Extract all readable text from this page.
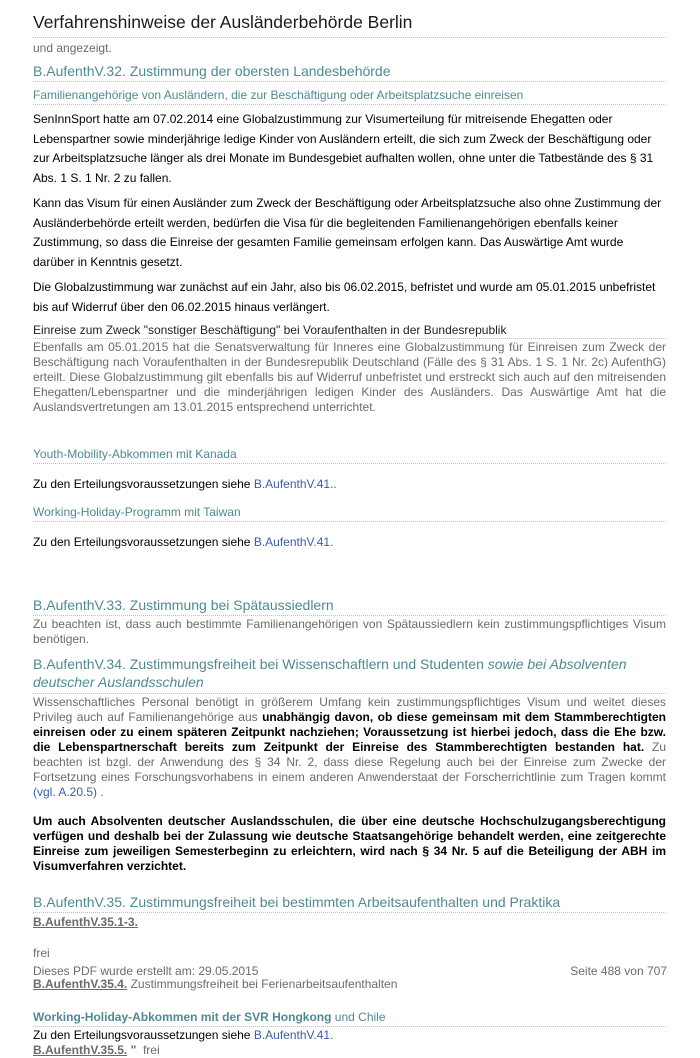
Verfahrenshinweise der Ausländerbehörde Berlin
und angezeigt.
B.AufenthV.32. Zustimmung der obersten Landesbehörde
Familienangehörige von Ausländern, die zur Beschäftigung oder Arbeitsplatzsuche einreisen

SenInnSport hatte am 07.02.2014 eine Globalzustimmung zur Visumerteilung für mitreisende Ehegatten oder Lebenspartner sowie minderjährige ledige Kinder von Ausländern erteilt, die sich zum Zweck der Beschäftigung oder zur Arbeitsplatzsuche länger als drei Monate im Bundesgebiet aufhalten wollen, ohne unter die Tatbestände des § 31 Abs. 1 S. 1 Nr. 2 zu fallen.

Kann das Visum für einen Ausländer zum Zweck der Beschäftigung oder Arbeitsplatzsuche also ohne Zustimmung der Ausländerbehörde erteilt werden, bedürfen die Visa für die begleitenden Familienangehörigen ebenfalls keiner Zustimmung, so dass die Einreise der gesamten Familie gemeinsam erfolgen kann. Das Auswärtige Amt wurde darüber in Kenntnis gesetzt.

Die Globalzustimmung war zunächst auf ein Jahr, also bis 06.02.2015, befristet und wurde am 05.01.2015 unbefristet bis auf Widerruf über den 06.02.2015 hinaus verlängert.

Einreise zum Zweck "sonstiger Beschäftigung" bei Voraufenthalten in der Bundesrepublik

Ebenfalls am 05.01.2015 hat die Senatsverwaltung für Inneres eine Globalzustimmung für Einreisen zum Zweck der Beschäftigung nach Voraufenthalten in der Bundesrepublik Deutschland (Fälle des § 31 Abs. 1 S. 1 Nr. 2c) AufenthG) erteilt. Diese Globalzustimmung gilt ebenfalls bis auf Widerruf unbefristet und erstreckt sich auch auf den mitreisenden Ehegatten/Lebenspartner und die minderjährigen ledigen Kinder des Ausländers. Das Auswärtige Amt hat die Auslandsvertretungen am 13.01.2015 entsprechend unterrichtet.

Youth-Mobility-Abkommen mit Kanada

Zu den Erteilungsvoraussetzungen siehe B.AufenthV.41..

Working-Holiday-Programm mit Taiwan

Zu den Erteilungsvoraussetzungen siehe B.AufenthV.41.

B.AufenthV.33. Zustimmung bei Spätaussiedlern

Zu beachten ist, dass auch bestimmte Familienangehörigen von Spätaussiedlern kein zustimmungspflichtiges Visum benötigen.

B.AufenthV.34. Zustimmungsfreiheit bei Wissenschaftlern und Studenten sowie bei Absolventen deutscher Auslandsschulen

Wissenschaftliches Personal benötigt in größerem Umfang kein zustimmungspflichtiges Visum und weitet dieses Privileg auch auf Familienangehörige aus unabhängig davon, ob diese gemeinsam mit dem Stammberechtigten einreisen oder zu einem späteren Zeitpunkt nachziehen; Voraussetzung ist hierbei jedoch, dass die Ehe bzw. die Lebenspartnerschaft bereits zum Zeitpunkt der Einreise des Stammberechtigten bestanden hat. Zu beachten ist bzgl. der Anwendung des § 34 Nr. 2, dass diese Regelung auch bei der Einreise zum Zwecke der Fortsetzung eines Forschungsvorhabens in einem anderen Anwenderstaat der Forscherrichtlinie zum Tragen kommt (vgl. A.20.5) .

Um auch Absolventen deutscher Auslandsschulen, die über eine deutsche Hochschulzugangsberechtigung verfügen und deshalb bei der Zulassung wie deutsche Staatsangehörige behandelt werden, eine zeitgerechte Einreise zum jeweiligen Semesterbeginn zu erleichtern, wird nach § 34 Nr. 5 auf die Beteiligung der ABH im Visumverfahren verzichtet.

B.AufenthV.35. Zustimmungsfreiheit bei bestimmten Arbeitsaufenthalten und Praktika
B.AufenthV.35.1-3.
frei
B.AufenthV.35.4. Zustimmungsfreiheit bei Ferienarbeitsaufenthalten
Working-Holiday-Abkommen mit der SVR Hongkong und Chile
Zu den Erteilungsvoraussetzungen siehe B.AufenthV.41.
B.AufenthV.35.5. "  frei
Dieses PDF wurde erstellt am: 29.05.2015	Seite 488 von 707
